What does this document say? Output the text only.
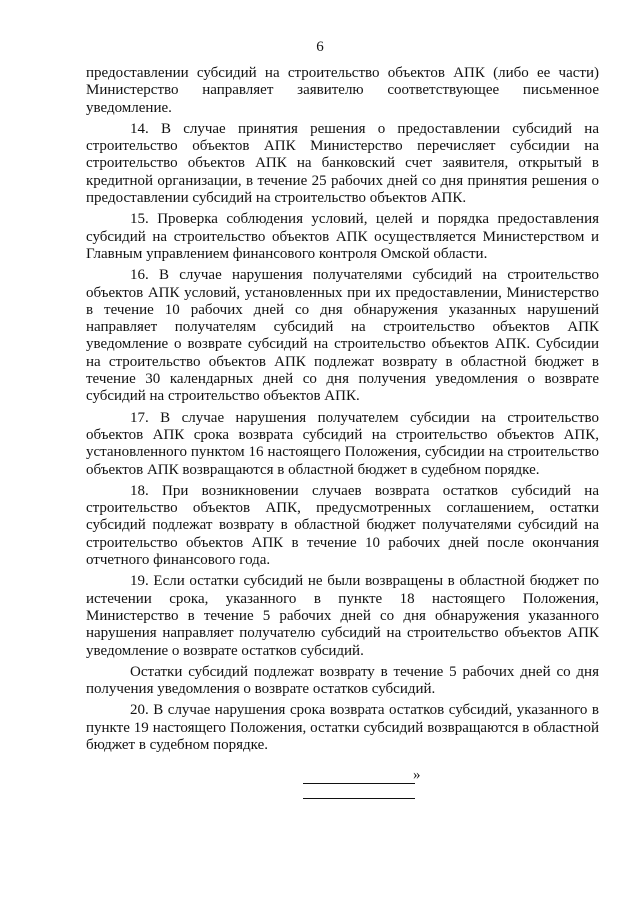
6

предоставлении субсидий на строительство объектов АПК (либо ее части) Министерство направляет заявителю соответствующее письменное уведомление.

14. В случае принятия решения о предоставлении субсидий на строительство объектов АПК Министерство перечисляет субсидии на строительство объектов АПК на банковский счет заявителя, открытый в кредитной организации, в течение 25 рабочих дней со дня принятия решения о предоставлении субсидий на строительство объектов АПК.

15. Проверка соблюдения условий, целей и порядка предоставления субсидий на строительство объектов АПК осуществляется Министерством и Главным управлением финансового контроля Омской области.

16. В случае нарушения получателями субсидий на строительство объектов АПК условий, установленных при их предоставлении, Министерство в течение 10 рабочих дней со дня обнаружения указанных нарушений направляет получателям субсидий на строительство объектов АПК уведомление о возврате субсидий на строительство объектов АПК. Субсидии на строительство объектов АПК подлежат возврату в областной бюджет в течение 30 календарных дней со дня получения уведомления о возврате субсидий на строительство объектов АПК.

17. В случае нарушения получателем субсидии на строительство объектов АПК срока возврата субсидий на строительство объектов АПК, установленного пунктом 16 настоящего Положения, субсидии на строительство объектов АПК возвращаются в областной бюджет в судебном порядке.

18. При возникновении случаев возврата остатков субсидий на строительство объектов АПК, предусмотренных соглашением, остатки субсидий подлежат возврату в областной бюджет получателями субсидий на строительство объектов АПК в течение 10 рабочих дней после окончания отчетного финансового года.

19. Если остатки субсидий не были возвращены в областной бюджет по истечении срока, указанного в пункте 18 настоящего Положения, Министерство в течение 5 рабочих дней со дня обнаружения указанного нарушения направляет получателю субсидий на строительство объектов АПК уведомление о возврате остатков субсидий.

Остатки субсидий подлежат возврату в течение 5 рабочих дней со дня получения уведомления о возврате остатков субсидий.

20. В случае нарушения срока возврата остатков субсидий, указанного в пункте 19 настоящего Положения, остатки субсидий возвращаются в областной бюджет в судебном порядке.

»
